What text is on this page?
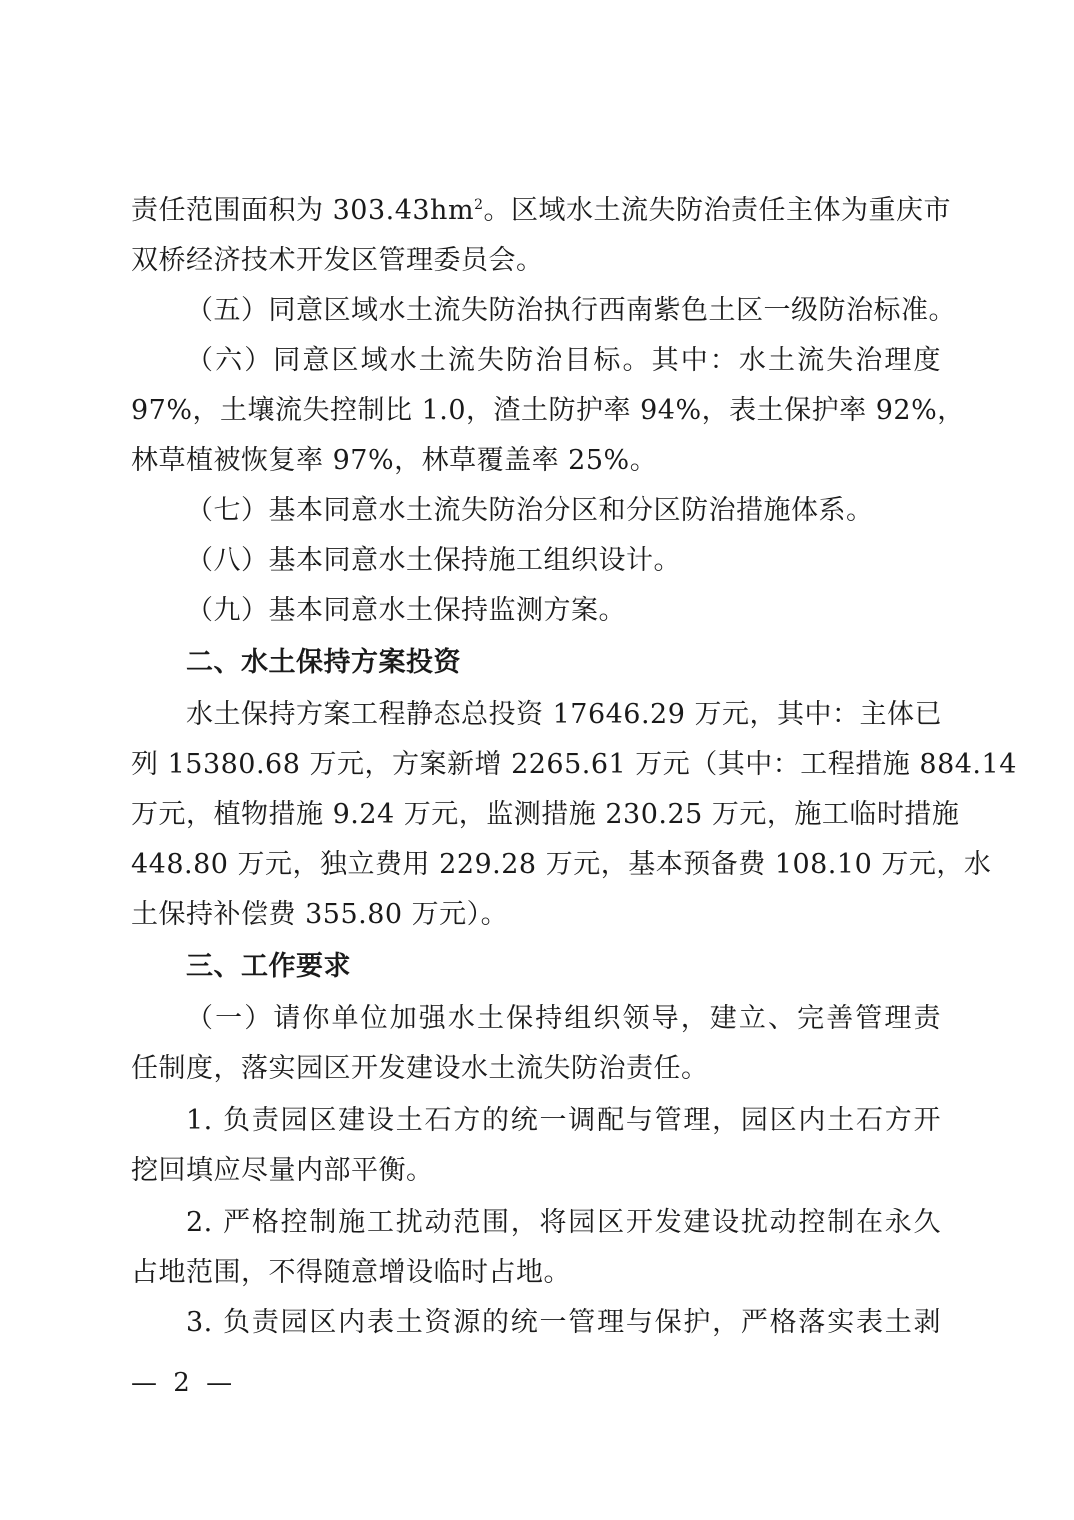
责任范围面积为 $303.43hm^2$。区域水土流失防治责任主体为重庆市
双桥经济技术开发区管理委员会。
（五）同意区域水土流失防治执行西南紫色土区一级防治标准。
（六）同意区域水土流失防治目标。其中：水土流失治理度
97%，土壤流失控制比 1.0，渣土防护率 94%，表土保护率 92%，
林草植被恢复率 97%，林草覆盖率 25%。
（七）基本同意水土流失防治分区和分区防治措施体系。
（八）基本同意水土保持施工组织设计。
（九）基本同意水土保持监测方案。
二、水土保持方案投资
水土保持方案工程静态总投资 17646.29 万元，其中：主体已
列 15380.68 万元，方案新增 2265.61 万元（其中：工程措施 884.14
万元，植物措施 9.24 万元，监测措施 230.25 万元，施工临时措施
448.80 万元，独立费用 229.28 万元，基本预备费 108.10 万元，水
土保持补偿费 355.80 万元）。
三、工作要求
（一）请你单位加强水土保持组织领导，建立、完善管理责
任制度，落实园区开发建设水土流失防治责任。
1. 负责园区建设土石方的统一调配与管理，园区内土石方开
挖回填应尽量内部平衡。
2. 严格控制施工扰动范围，将园区开发建设扰动控制在永久
占地范围，不得随意增设临时占地。
3. 负责园区内表土资源的统一管理与保护，严格落实表土剥
— 2 —
